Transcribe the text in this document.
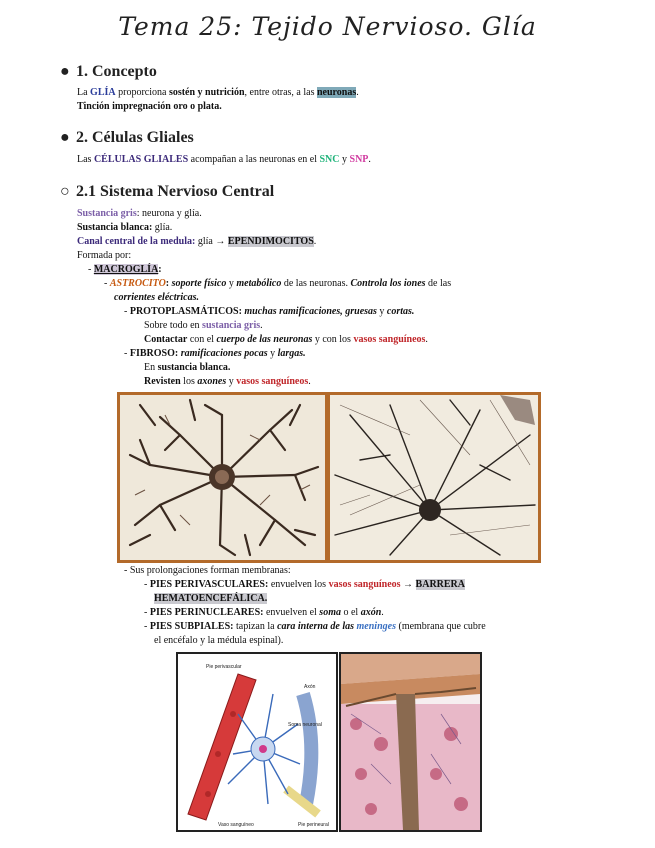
Tema 25: Tejido Nervioso. Glía
● 1. Concepto
La GLÍA proporciona sostén y nutrición, entre otras, a las neuronas.
Tinción impregnación oro o plata.
● 2. Células Gliales
Las CÉLULAS GLIALES acompañan a las neuronas en el SNC y SNP.
○ 2.1 Sistema Nervioso Central
Sustancia gris: neurona y glía.
Sustancia blanca: glía.
Canal central de la medula: glía → EPENDIMOCITOS.
Formada por:
- MACROGLÍA:
- ASTROCITO: soporte físico y metabólico de las neuronas. Controla los iones de las
corrientes eléctricas.
- PROTOPLASMÁTICOS: muchas ramificaciones, gruesas y cortas.
Sobre todo en sustancia gris.
Contactar con el cuerpo de las neuronas y con los vasos sanguíneos.
- FIBROSO: ramificaciones pocas y largas.
En sustancia blanca.
Revisten los axones y vasos sanguíneos.
- Sus prolongaciones forman membranas:
- PIES PERIVASCULARES: envuelven los vasos sanguíneos → BARRERA
HEMATOENCEFÁLICA.
- PIES PERINUCLEARES: envuelven el soma o el axón.
- PIES SUBPIALES: tapizan la cara interna de las meninges (membrana que cubre
el encéfalo y la médula espinal).
Pie perivascular
Axón
Soma neuronal
Vaso sanguíneo	Pie perineural
